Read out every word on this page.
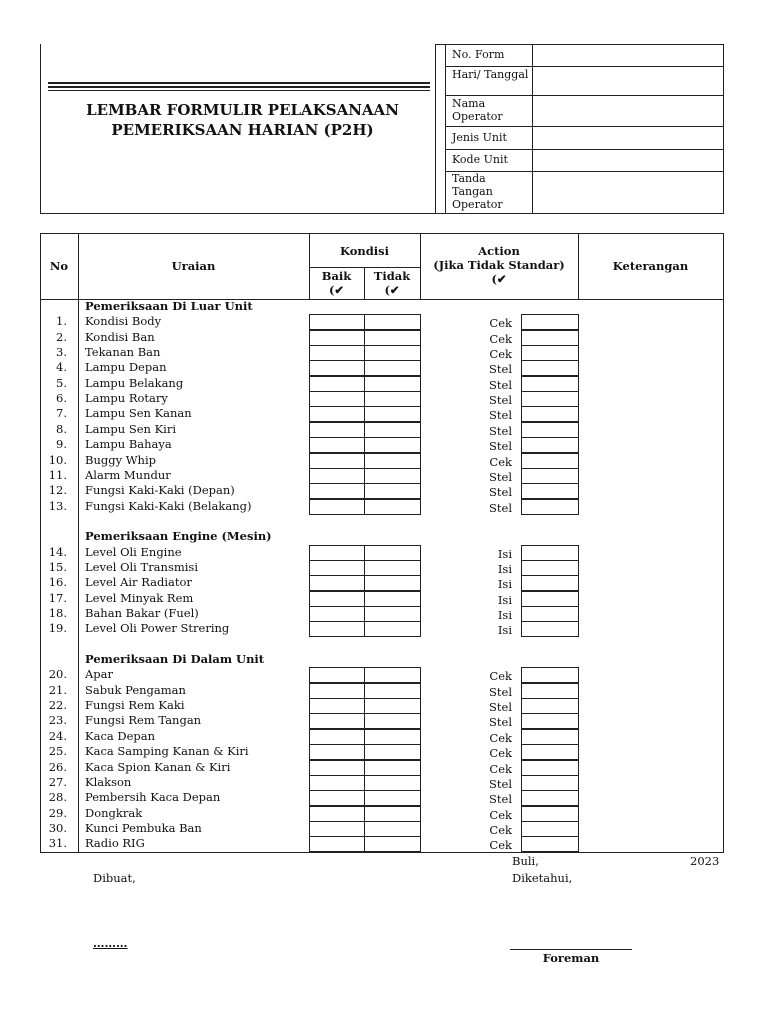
LEMBAR FORMULIR PELAKSANAAN
PEMERIKSAAN HARIAN (P2H)
No. Form
Hari/ Tanggal
Nama Operator
Jenis Unit
Kode Unit
Tanda Tangan Operator
No	Uraian
Kondisi
Baik
(✔
Tidak
(✔
Action
(Jika Tidak Standar)
(✔
Keterangan
Pemeriksaan Di Luar Unit
1. Kondisi Body	Cek
2. Kondisi Ban	Cek
3. Tekanan Ban	Cek
4. Lampu Depan	Stel
5. Lampu Belakang	Stel
6. Lampu Rotary	Stel
7. Lampu Sen Kanan	Stel
8. Lampu Sen Kiri	Stel
9. Lampu Bahaya	Stel
10. Buggy Whip	Cek
11. Alarm Mundur	Stel
12. Fungsi Kaki-Kaki (Depan)	Stel
13. Fungsi Kaki-Kaki (Belakang)	Stel
Pemeriksaan Engine (Mesin)
14. Level Oli Engine	Isi
15. Level Oli Transmisi	Isi
16. Level Air Radiator	Isi
17. Level Minyak Rem	Isi
18. Bahan Bakar (Fuel)	Isi
19. Level Oli Power Strering	Isi
Pemeriksaan Di Dalam Unit
20. Apar	Cek
21. Sabuk Pengaman	Stel
22. Fungsi Rem Kaki	Stel
23. Fungsi Rem Tangan	Stel
24. Kaca Depan	Cek
25. Kaca Samping Kanan & Kiri	Cek
26. Kaca Spion Kanan & Kiri	Cek
27. Klakson	Stel
28. Pembersih Kaca Depan	Stel
29. Dongkrak	Cek
30. Kunci Pembuka Ban	Cek
31. Radio RIG	Cek
Buli,	2023
Dibuat,	Diketahui,
………
Foreman
